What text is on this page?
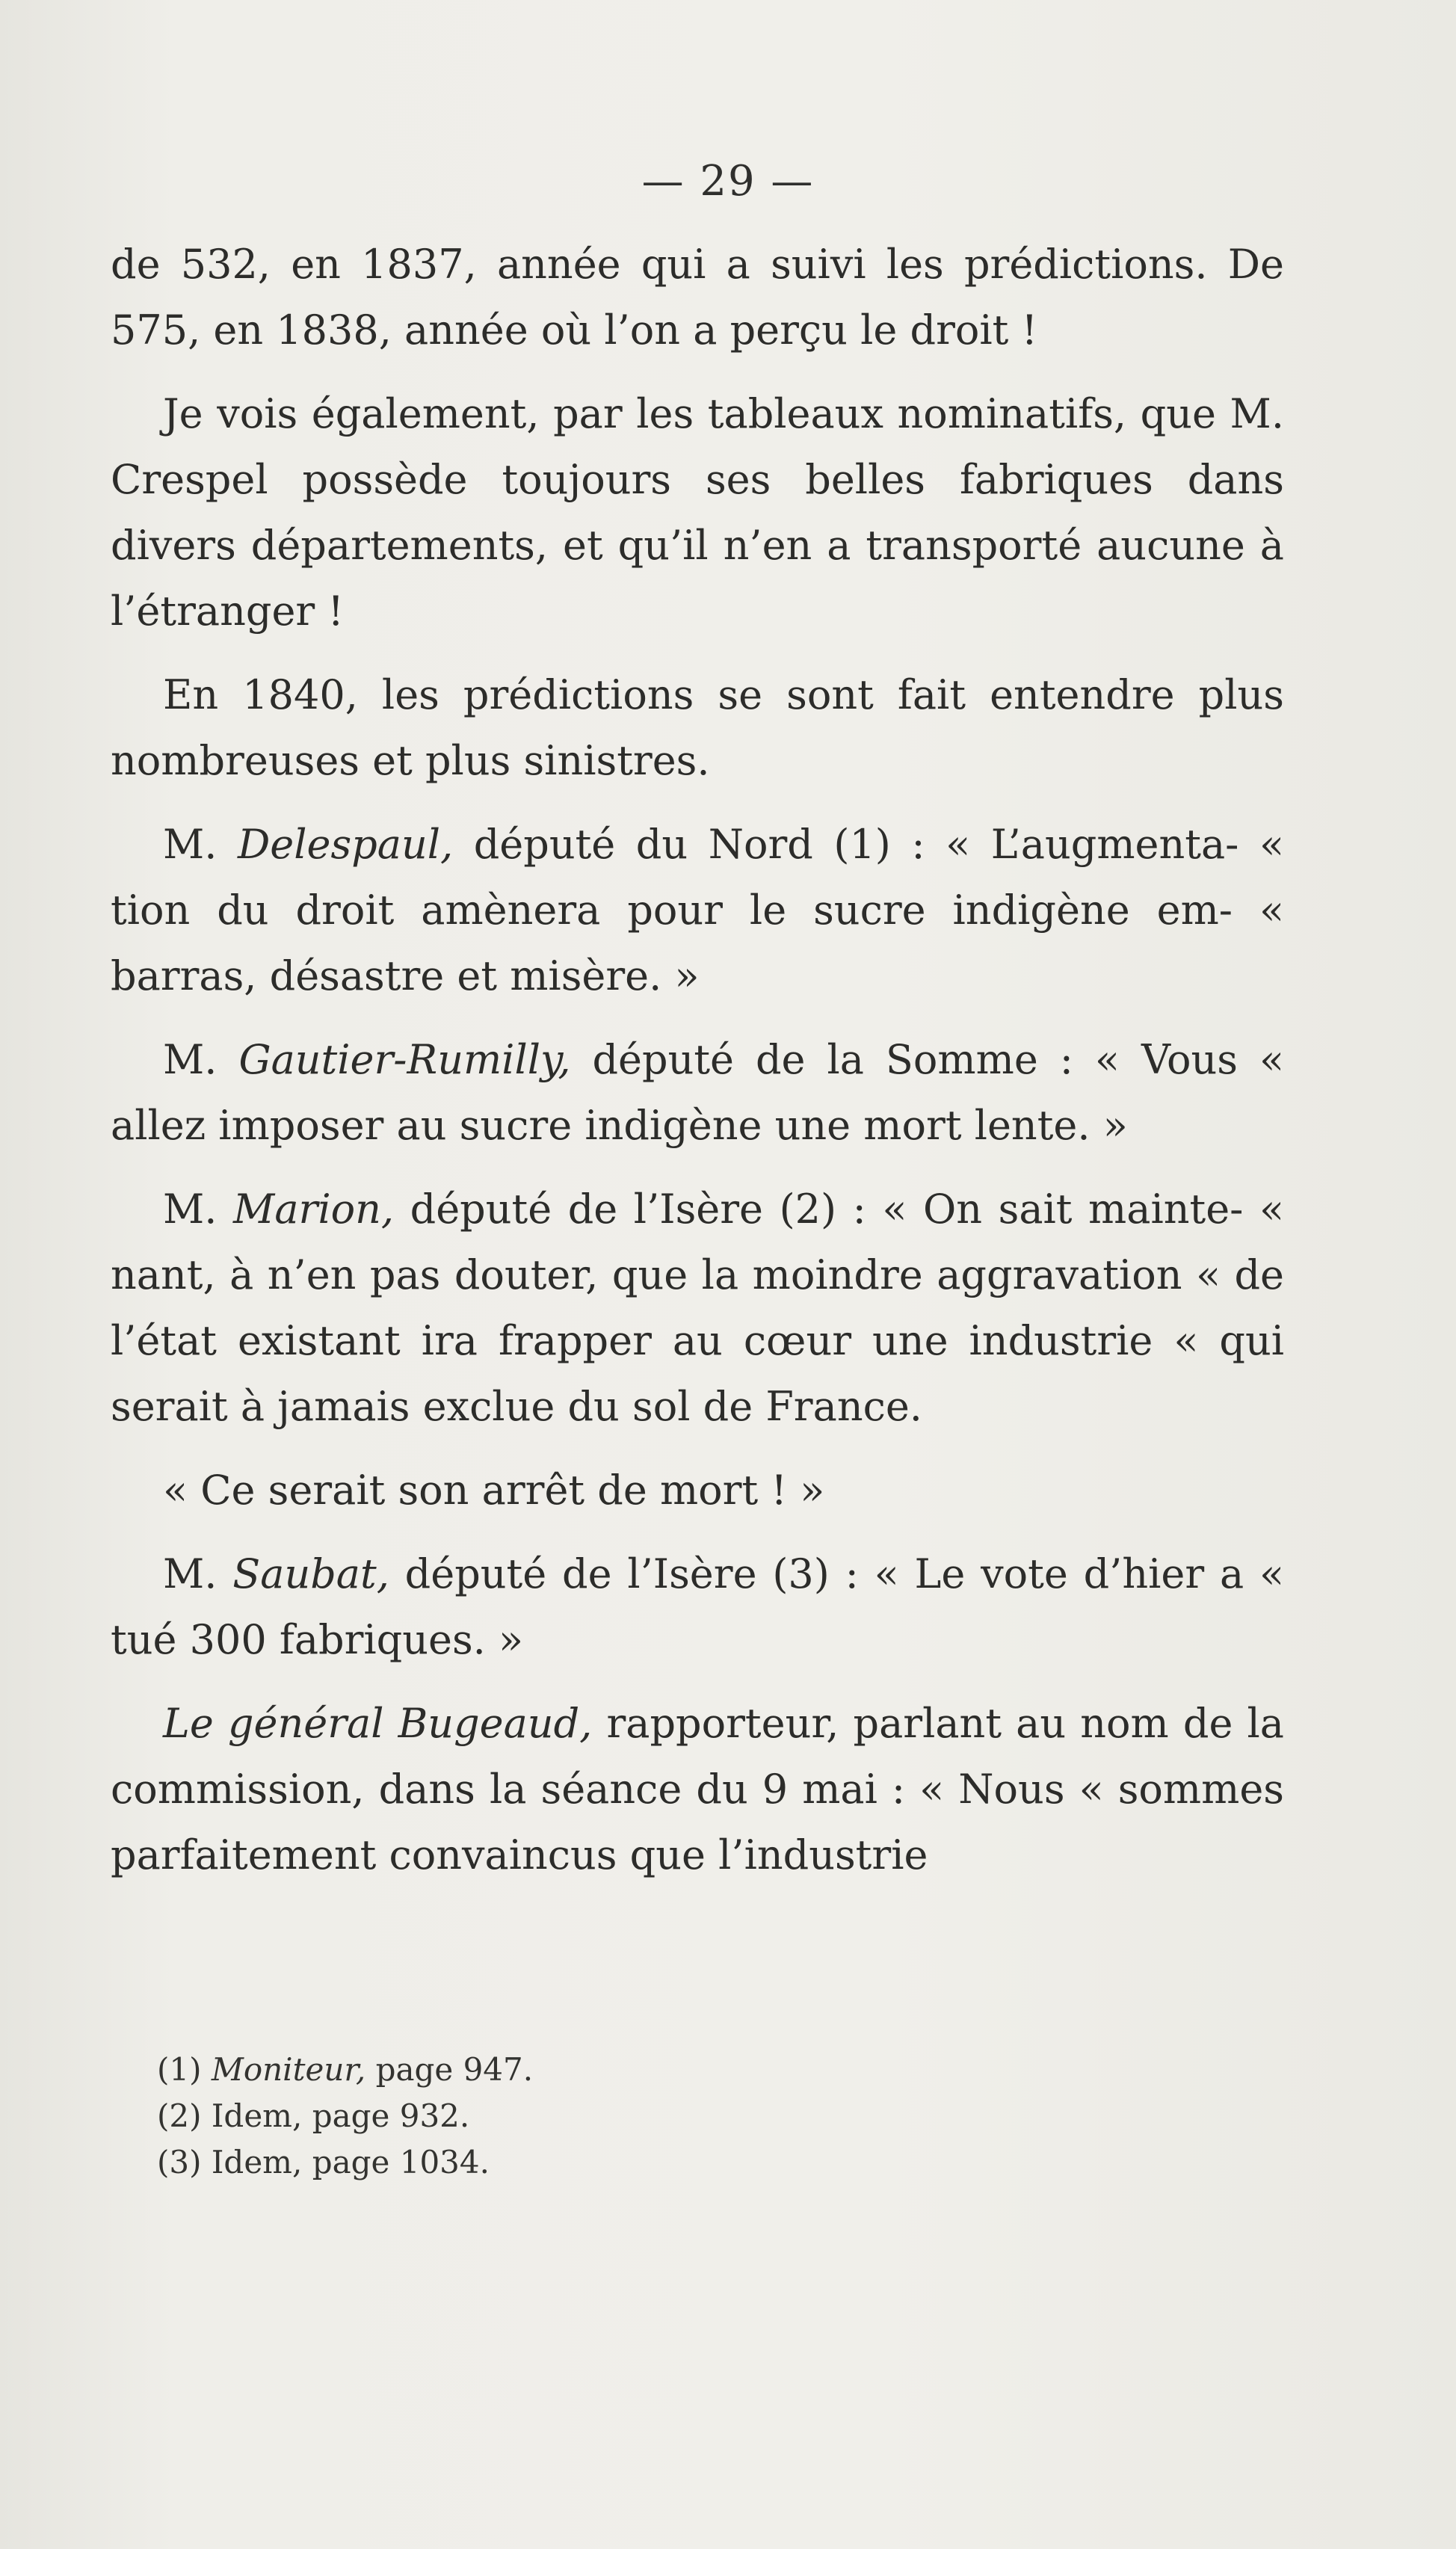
— 29 —

de 532, en 1837, année qui a suivi les prédictions. De 575, en 1838, année où l’on a perçu le droit !

Je vois également, par les tableaux nominatifs, que M. Crespel possède toujours ses belles fabriques dans divers départements, et qu’il n’en a transporté aucune à l’étranger !

En 1840, les prédictions se sont fait entendre plus nombreuses et plus sinistres.

M. Delespaul, député du Nord (1) : « L’augmenta- « tion du droit amènera pour le sucre indigène em- « barras, désastre et misère. »

M. Gautier-Rumilly, député de la Somme : « Vous « allez imposer au sucre indigène une mort lente. »

M. Marion, député de l’Isère (2) : « On sait mainte- « nant, à n’en pas douter, que la moindre aggravation « de l’état existant ira frapper au cœur une industrie « qui serait à jamais exclue du sol de France.

« Ce serait son arrêt de mort ! »

M. Saubat, député de l’Isère (3) : « Le vote d’hier a « tué 300 fabriques. »

Le général Bugeaud, rapporteur, parlant au nom de la commission, dans la séance du 9 mai : « Nous « sommes parfaitement convaincus que l’industrie

(1) Moniteur, page 947.
(2) Idem, page 932.
(3) Idem, page 1034.
